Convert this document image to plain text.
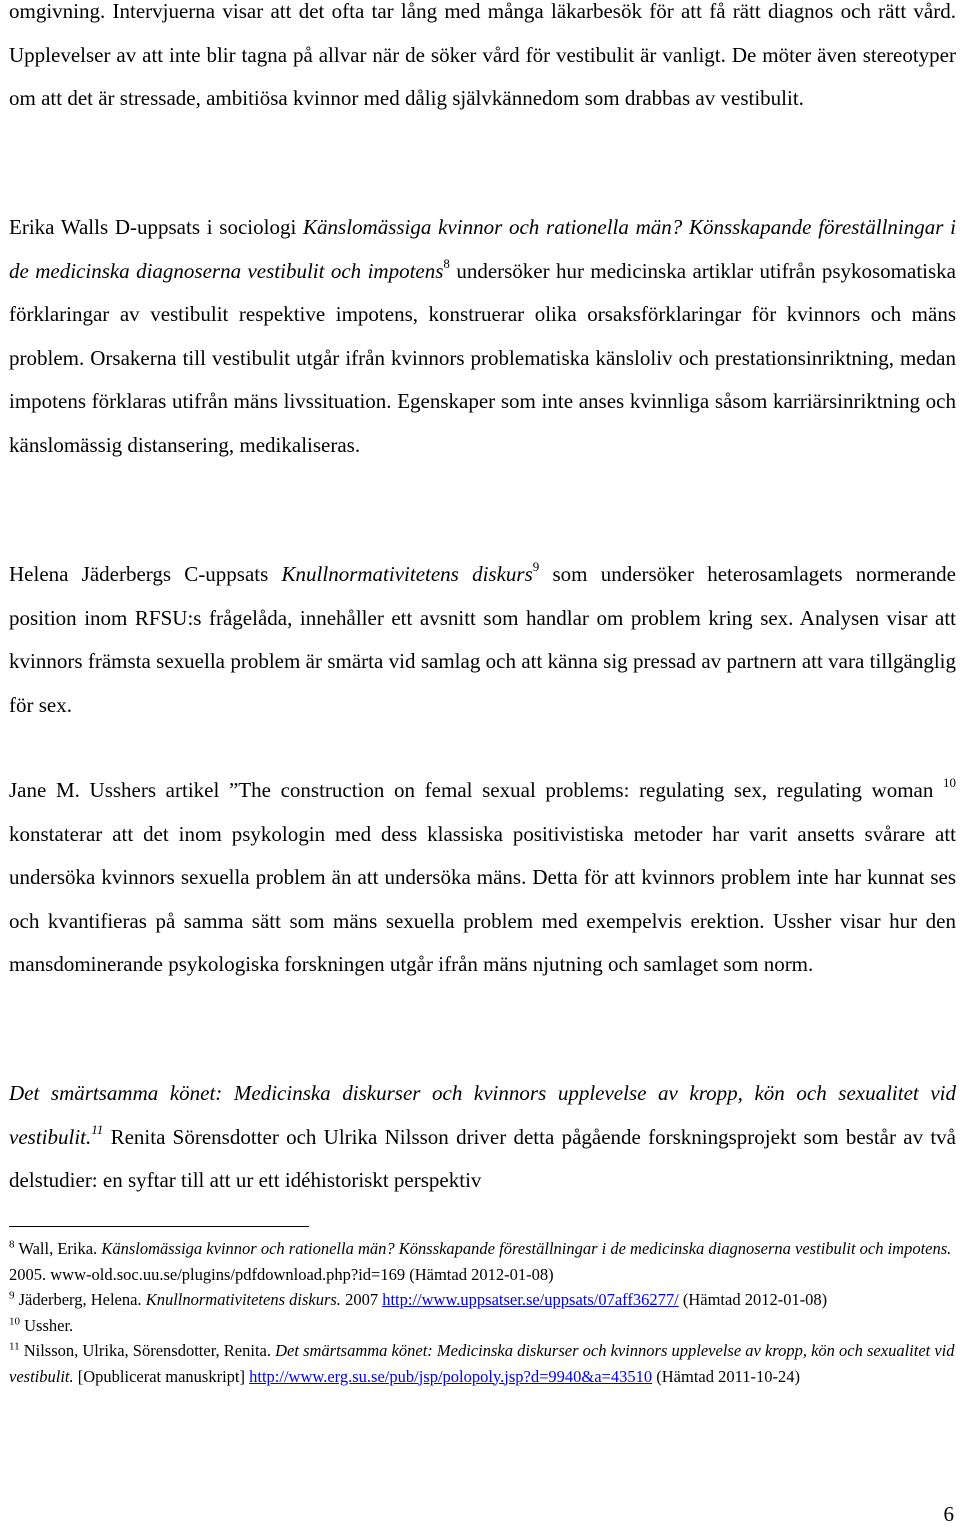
omgivning. Intervjuerna visar att det ofta tar lång med många läkarbesök för att få rätt diagnos och rätt vård. Upplevelser av att inte blir tagna på allvar när de söker vård för vestibulit är vanligt. De möter även stereotyper om att det är stressade, ambitiösa kvinnor med dålig självkännedom som drabbas av vestibulit.

Erika Walls D-uppsats i sociologi Känslomässiga kvinnor och rationella män? Könsskapande föreställningar i de medicinska diagnoserna vestibulit och impotens$^8$ undersöker hur medicinska artiklar utifrån psykosomatiska förklaringar av vestibulit respektive impotens, konstruerar olika orsaksförklaringar för kvinnors och mäns problem. Orsakerna till vestibulit utgår ifrån kvinnors problematiska känsloliv och prestationsinriktning, medan impotens förklaras utifrån mäns livssituation. Egenskaper som inte anses kvinnliga såsom karriärsinriktning och känslomässig distansering, medikaliseras.

Helena Jäderbergs C-uppsats Knullnormativitetens diskurs$^9$ som undersöker heterosamlagets normerande position inom RFSU:s frågelåda, innehåller ett avsnitt som handlar om problem kring sex. Analysen visar att kvinnors främsta sexuella problem är smärta vid samlag och att känna sig pressad av partnern att vara tillgänglig för sex.

Jane M. Usshers artikel ”The construction on femal sexual problems: regulating sex, regulating woman $^{10}$ konstaterar att det inom psykologin med dess klassiska positivistiska metoder har varit ansetts svårare att undersöka kvinnors sexuella problem än att undersöka mäns. Detta för att kvinnors problem inte har kunnat ses och kvantifieras på samma sätt som mäns sexuella problem med exempelvis erektion. Ussher visar hur den mansdominerande psykologiska forskningen utgår ifrån mäns njutning och samlaget som norm.

Det smärtsamma könet: Medicinska diskurser och kvinnors upplevelse av kropp, kön och sexualitet vid vestibulit.$^{11}$ Renita Sörensdotter och Ulrika Nilsson driver detta pågående forskningsprojekt som består av två delstudier: en syftar till att ur ett idéhistoriskt perspektiv

$^8$ Wall, Erika. Känslomässiga kvinnor och rationella män? Könsskapande föreställningar i de medicinska diagnoserna vestibulit och impotens. 2005. www-old.soc.uu.se/plugins/pdfdownload.php?id=169 (Hämtad 2012-01-08)

$^9$ Jäderberg, Helena. Knullnormativitetens diskurs. 2007 http://www.uppsatser.se/uppsats/07aff36277/ (Hämtad 2012-01-08)

$^{10}$ Ussher.

$^{11}$ Nilsson, Ulrika, Sörensdotter, Renita. Det smärtsamma könet: Medicinska diskurser och kvinnors upplevelse av kropp, kön och sexualitet vid vestibulit. [Opublicerat manuskript] http://www.erg.su.se/pub/jsp/polopoly.jsp?d=9940&a=43510 (Hämtad 2011-10-24)

6
